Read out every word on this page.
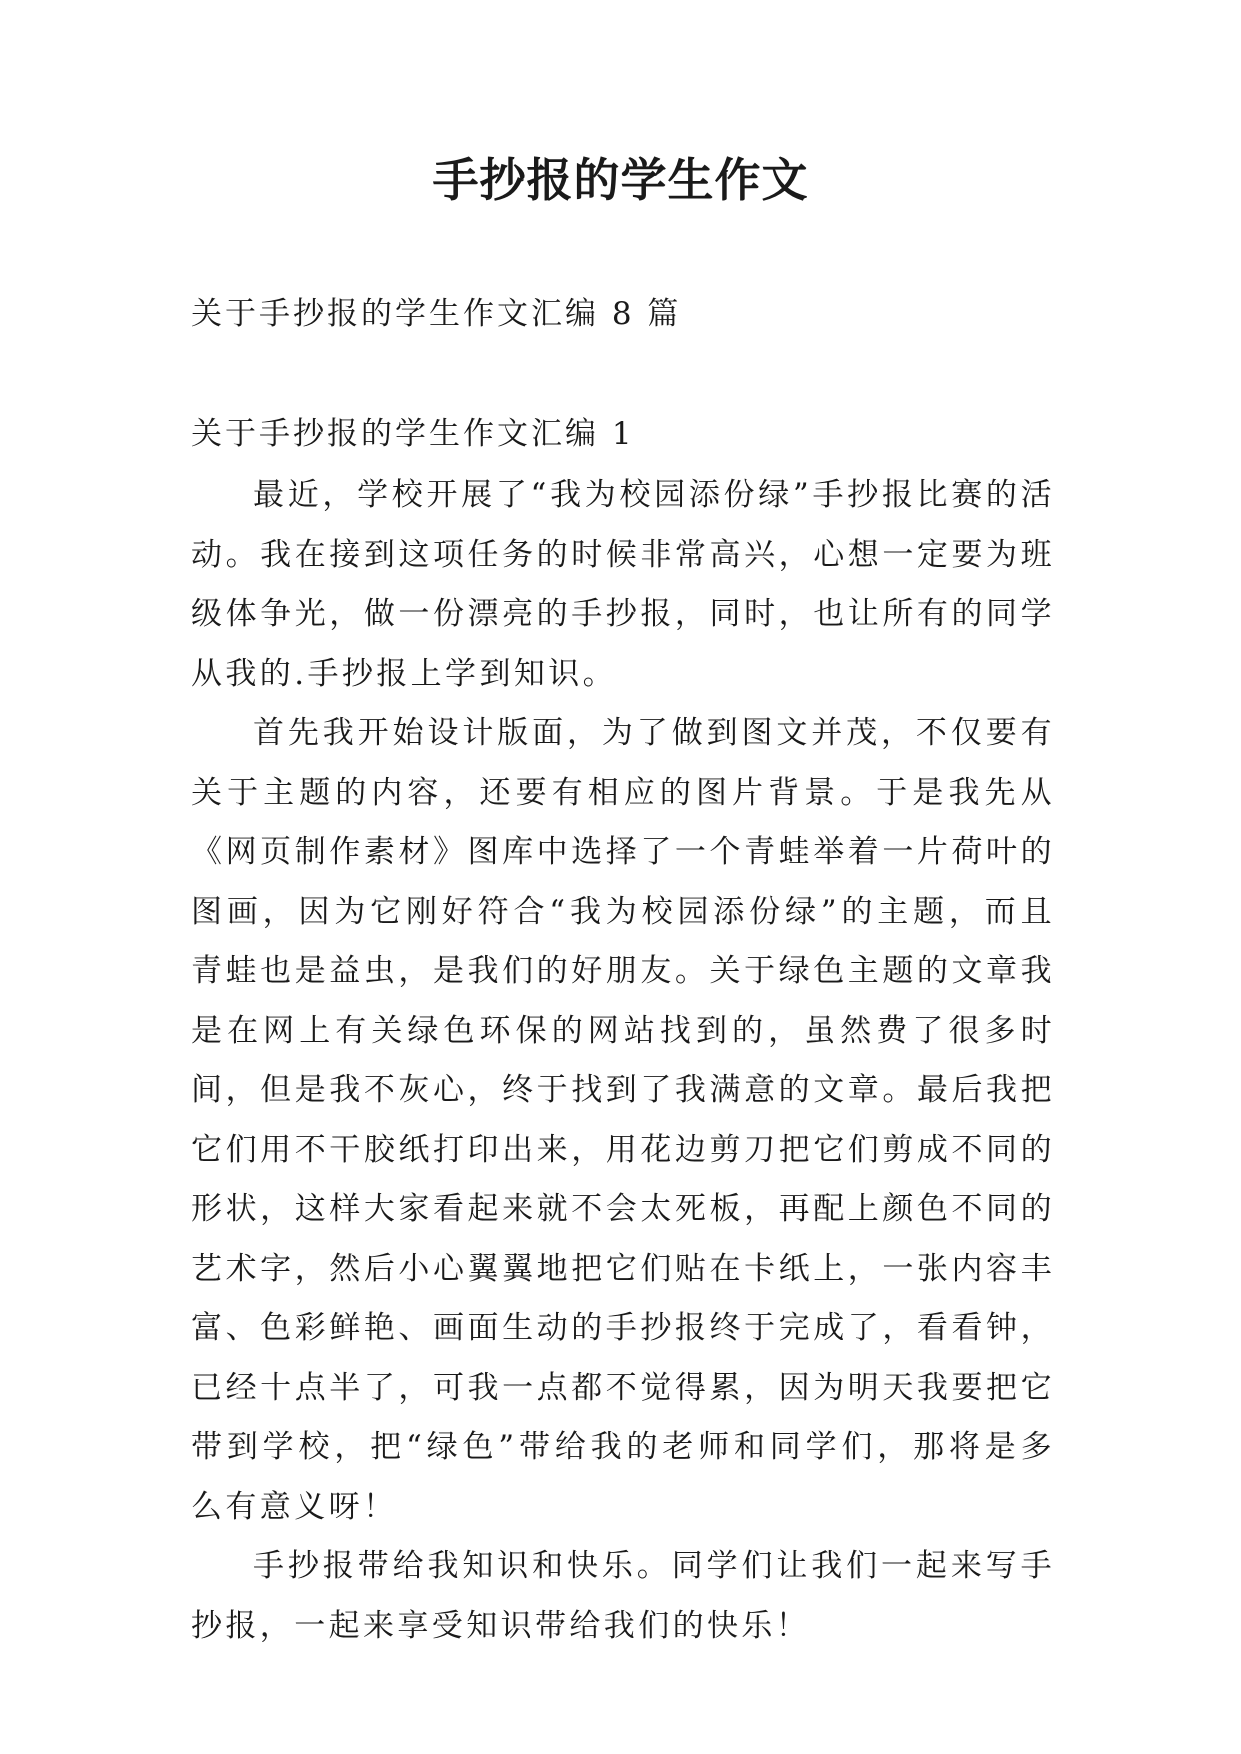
手抄报的学生作文
关于手抄报的学生作文汇编 8 篇
关于手抄报的学生作文汇编 1

最近，学校开展了“我为校园添份绿”手抄报比赛的活动。我在接到这项任务的时候非常高兴，心想一定要为班级体争光，做一份漂亮的手抄报，同时，也让所有的同学从我的.手抄报上学到知识。

首先我开始设计版面，为了做到图文并茂，不仅要有关于主题的内容，还要有相应的图片背景。于是我先从《网页制作素材》图库中选择了一个青蛙举着一片荷叶的图画，因为它刚好符合“我为校园添份绿”的主题，而且青蛙也是益虫，是我们的好朋友。关于绿色主题的文章我是在网上有关绿色环保的网站找到的，虽然费了很多时间，但是我不灰心，终于找到了我满意的文章。最后我把它们用不干胶纸打印出来，用花边剪刀把它们剪成不同的形状，这样大家看起来就不会太死板，再配上颜色不同的艺术字，然后小心翼翼地把它们贴在卡纸上，一张内容丰富、色彩鲜艳、画面生动的手抄报终于完成了，看看钟，已经十点半了，可我一点都不觉得累，因为明天我要把它带到学校，把“绿色”带给我的老师和同学们，那将是多么有意义呀！

手抄报带给我知识和快乐。同学们让我们一起来写手抄报，一起来享受知识带给我们的快乐！
